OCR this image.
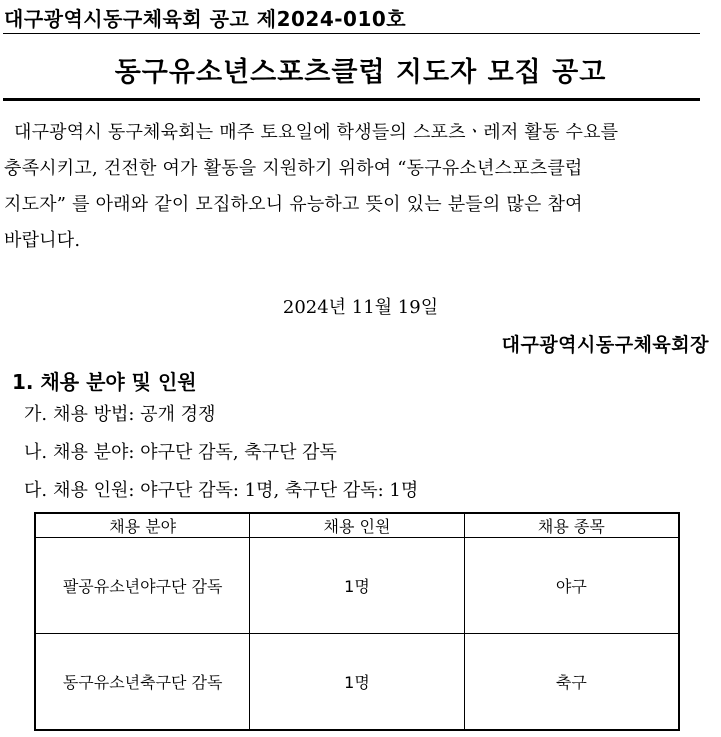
대구광역시동구체육회 공고 제2024-010호
동구유소년스포츠클럽 지도자 모집 공고
대구광역시 동구체육회는 매주 토요일에 학생들의 스포츠ㆍ레저 활동 수요를
충족시키고, 건전한 여가 활동을 지원하기 위하여 “동구유소년스포츠클럽
지도자” 를 아래와 같이 모집하오니 유능하고 뜻이 있는 분들의 많은 참여
바랍니다.
2024년 11월 19일
대구광역시동구체육회장
1. 채용 분야 및 인원
가. 채용 방법: 공개 경쟁
나. 채용 분야: 야구단 감독, 축구단 감독
다. 채용 인원: 야구단 감독: 1명, 축구단 감독: 1명
채용 분야	채용 인원	채용 종목
팔공유소년야구단 감독	1명	야구
동구유소년축구단 감독	1명	축구
